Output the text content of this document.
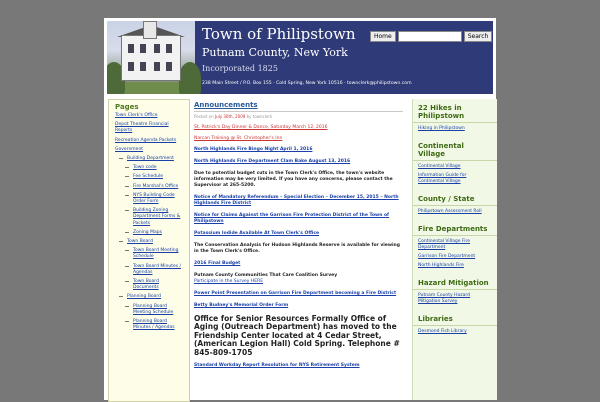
Town of Philipstown
Putnam County, New York
Incorporated 1825
238 Main Street / P.O. Box 155 · Cold Spring, New York 10516 · townclerk@philipstown.com
Home	Search
Pages
Town Clerk's Office
Depot Theatre Financial Reports
Recreation Agenda Packets
Government
Building Department
Town code
Fee Schedule
Fire Marshal's Office
NYS Building Code Order Form
Building Zoning Department Forms & Packets
Zoning Maps
Town Board
Town Board Meeting Schedule
Town Board Minutes / Agendas
Town Board Documents
Planning Board
Planning Board Meeting Schedule
Planning Board Minutes / Agendas
Announcements
Posted on July 30th, 2009 by townclerk
St. Patrick's Day Dinner & Dance, Saturday March 12, 2016
Narcan Training @ St. Christopher's Inn
North Highlands Fire Bingo Night April 1, 2016
North Highlands Fire Department Clam Bake August 13, 2016
Due to potential budget cuts in the Town Clerk's Office, the town's website information may be very limited. If you have any concerns, please contact the Supervisor at 265-5200.
Notice of Mandatory Referendum – Special Election – December 15, 2015 – North Highlands Fire District
Notice for Claims Against the Garrison Fire Protection District of the Town of Philipstown
Potassium Iodide Available At Town Clerk's Office
The Conservation Analysis for Hudson Highlands Reserve is available for viewing in the Town Clerk's Office.
2016 Final Budget
Putnam County Communities That Care Coalition Survey
Participate in the Survey HERE
Power Point Presentation on Garrison Fire Department becoming a Fire District
Betty Budney's Memorial Order Form
Office for Senior Resources Formally Office of Aging (Outreach Department) has moved to the Friendship Center located at 4 Cedar Street, (American Legion Hall) Cold Spring. Telephone # 845-809-1705
Standard Workday Report Resolution for NYS Retirement System
22 Hikes in Philipstown
Hiking in Philipstown
Continental Village
Continental Village
Information Guide for Continental Village
County / State
Philipstown Assessment Roll
Fire Departments
Continental Village Fire Department
Garrison Fire Department
North Highlands Fire
Hazard Mitigation
Putnam County Hazard Mitigation Survey
Libraries
Desmond Fish Library
